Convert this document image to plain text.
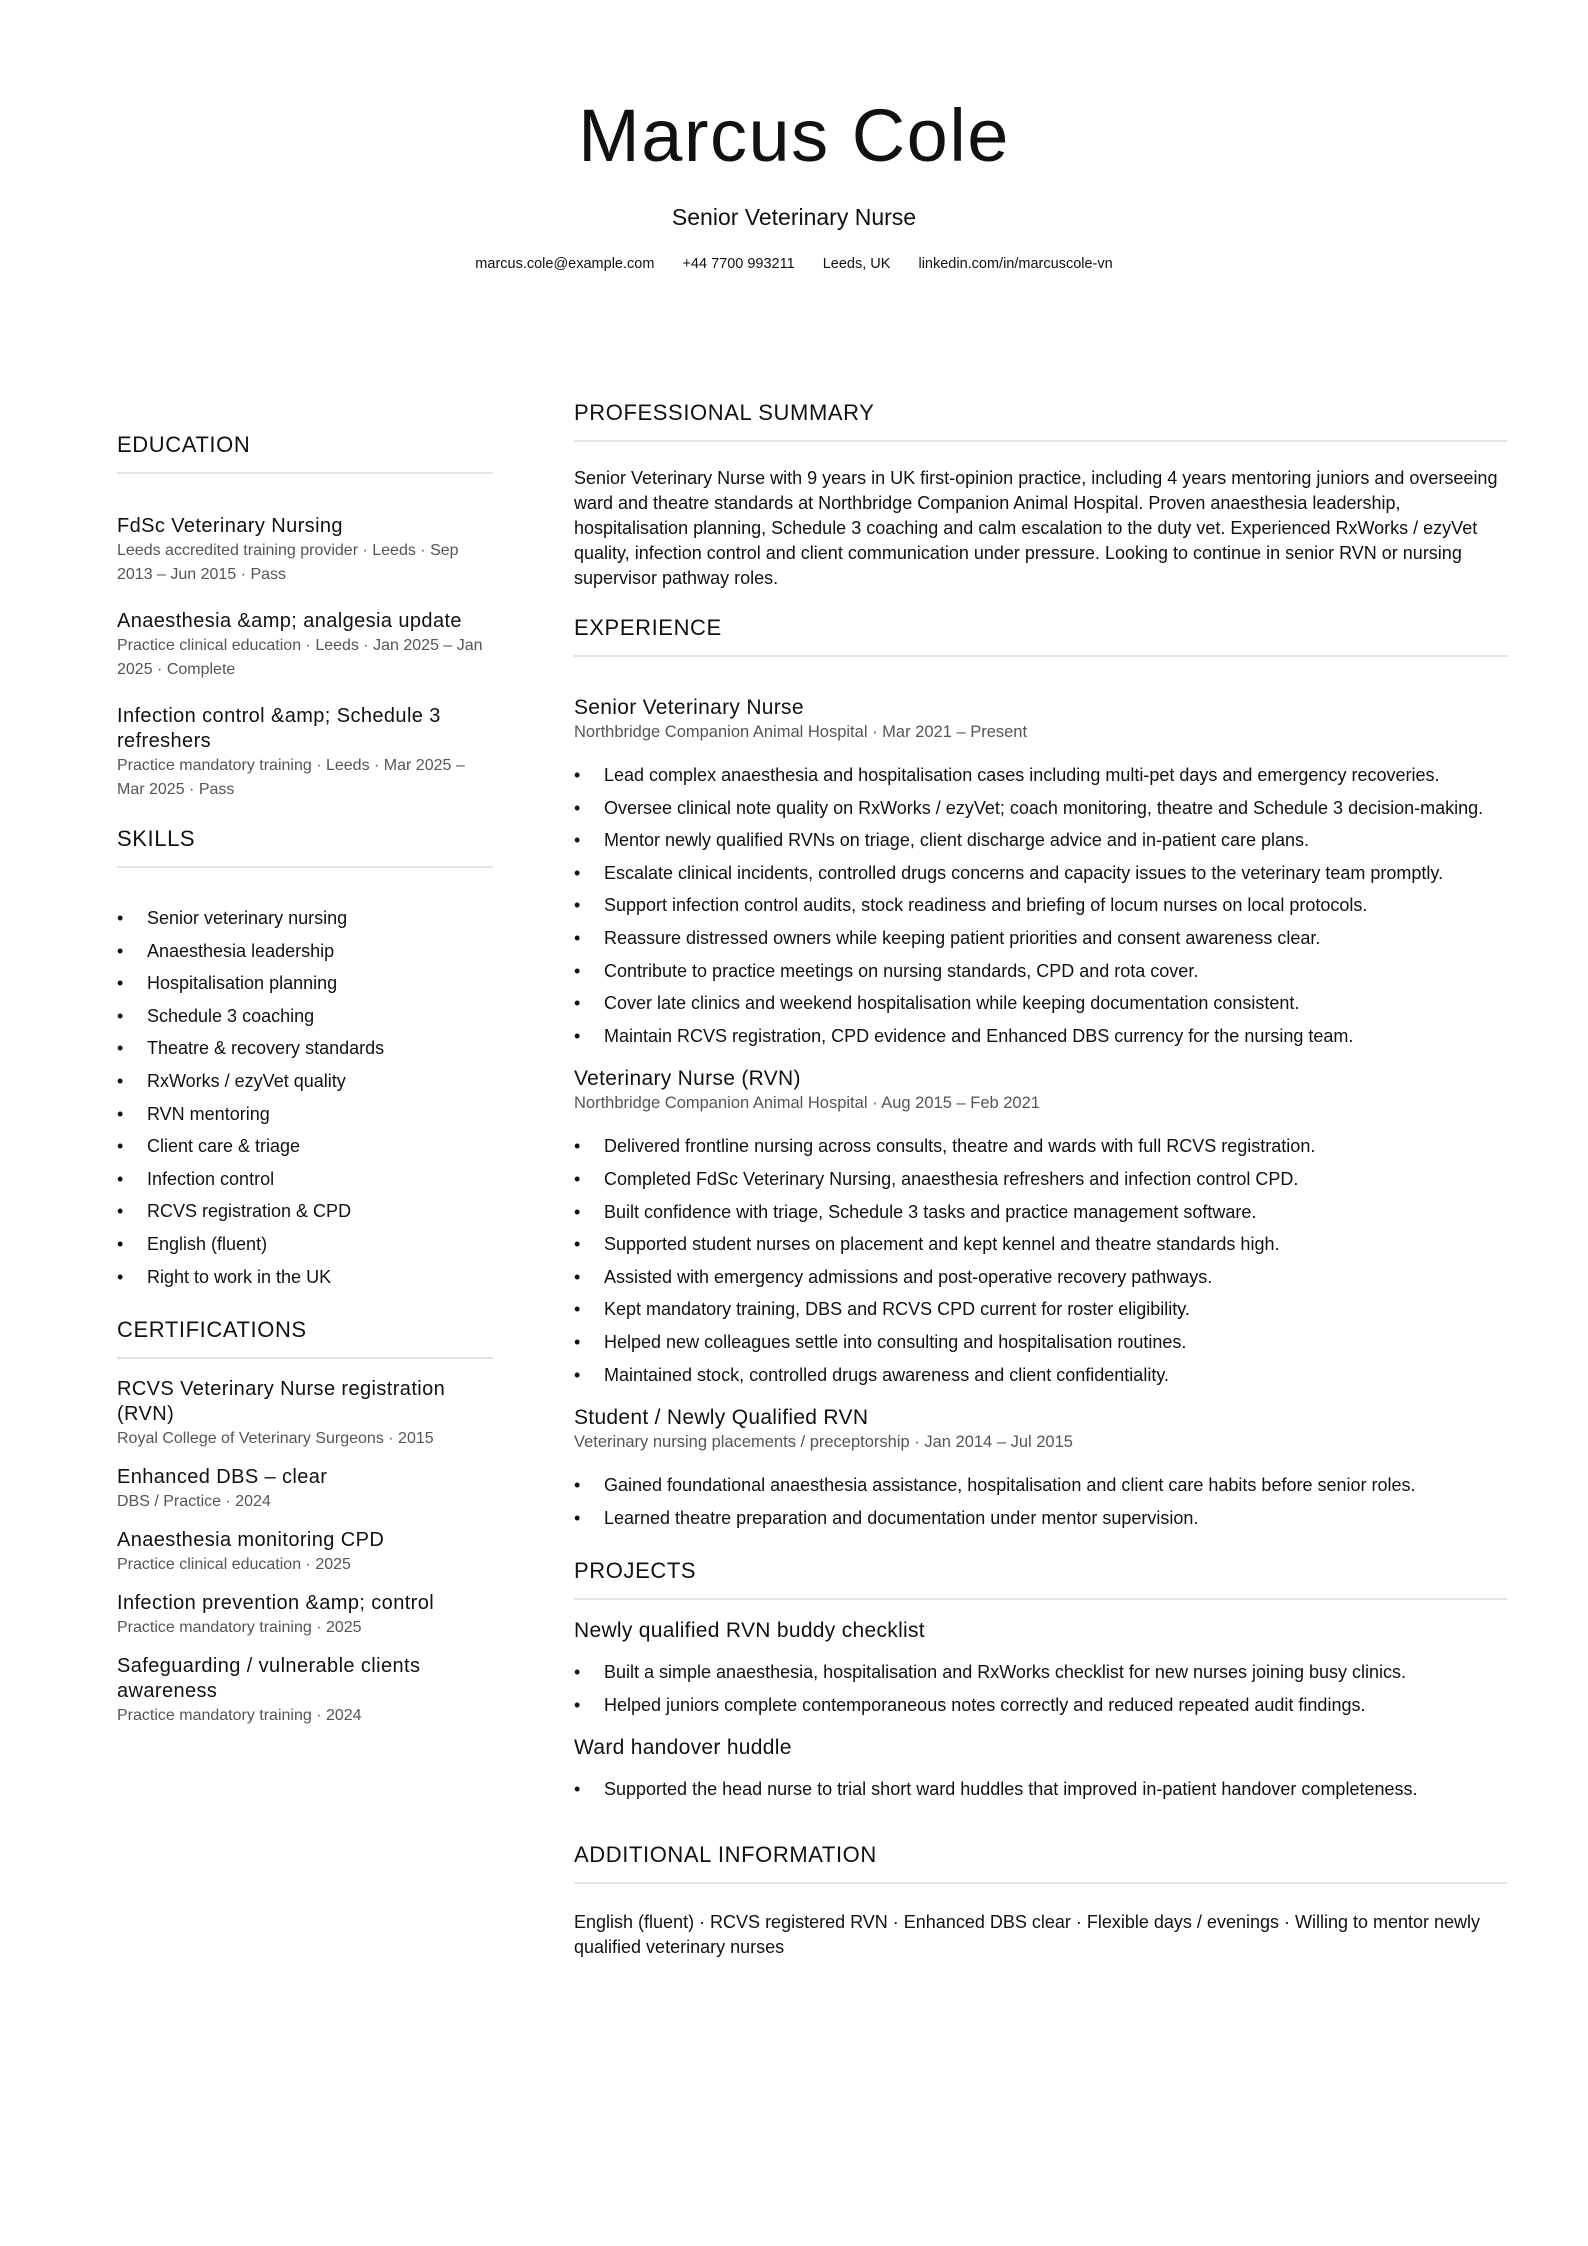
Marcus Cole
Senior Veterinary Nurse
marcus.cole@example.com +44 7700 993211 Leeds, UK linkedin.com/in/marcuscole-vn
EDUCATION
FdSc Veterinary Nursing
Leeds accredited training provider · Leeds · Sep 2013 – Jun 2015 · Pass
Anaesthesia &amp; analgesia update
Practice clinical education · Leeds · Jan 2025 – Jan 2025 · Complete
Infection control &amp; Schedule 3 refreshers
Practice mandatory training · Leeds · Mar 2025 – Mar 2025 · Pass
SKILLS
• Senior veterinary nursing
• Anaesthesia leadership
• Hospitalisation planning
• Schedule 3 coaching
• Theatre & recovery standards
• RxWorks / ezyVet quality
• RVN mentoring
• Client care & triage
• Infection control
• RCVS registration & CPD
• English (fluent)
• Right to work in the UK
CERTIFICATIONS
RCVS Veterinary Nurse registration (RVN)
Royal College of Veterinary Surgeons · 2015
Enhanced DBS – clear
DBS / Practice · 2024
Anaesthesia monitoring CPD
Practice clinical education · 2025
Infection prevention &amp; control
Practice mandatory training · 2025
Safeguarding / vulnerable clients awareness
Practice mandatory training · 2024
PROFESSIONAL SUMMARY
Senior Veterinary Nurse with 9 years in UK first-opinion practice, including 4 years mentoring juniors and overseeing ward and theatre standards at Northbridge Companion Animal Hospital. Proven anaesthesia leadership, hospitalisation planning, Schedule 3 coaching and calm escalation to the duty vet. Experienced RxWorks / ezyVet quality, infection control and client communication under pressure. Looking to continue in senior RVN or nursing supervisor pathway roles.
EXPERIENCE
Senior Veterinary Nurse
Northbridge Companion Animal Hospital · Mar 2021 – Present
• Lead complex anaesthesia and hospitalisation cases including multi-pet days and emergency recoveries.
• Oversee clinical note quality on RxWorks / ezyVet; coach monitoring, theatre and Schedule 3 decision-making.
• Mentor newly qualified RVNs on triage, client discharge advice and in-patient care plans.
• Escalate clinical incidents, controlled drugs concerns and capacity issues to the veterinary team promptly.
• Support infection control audits, stock readiness and briefing of locum nurses on local protocols.
• Reassure distressed owners while keeping patient priorities and consent awareness clear.
• Contribute to practice meetings on nursing standards, CPD and rota cover.
• Cover late clinics and weekend hospitalisation while keeping documentation consistent.
• Maintain RCVS registration, CPD evidence and Enhanced DBS currency for the nursing team.
Veterinary Nurse (RVN)
Northbridge Companion Animal Hospital · Aug 2015 – Feb 2021
• Delivered frontline nursing across consults, theatre and wards with full RCVS registration.
• Completed FdSc Veterinary Nursing, anaesthesia refreshers and infection control CPD.
• Built confidence with triage, Schedule 3 tasks and practice management software.
• Supported student nurses on placement and kept kennel and theatre standards high.
• Assisted with emergency admissions and post-operative recovery pathways.
• Kept mandatory training, DBS and RCVS CPD current for roster eligibility.
• Helped new colleagues settle into consulting and hospitalisation routines.
• Maintained stock, controlled drugs awareness and client confidentiality.
Student / Newly Qualified RVN
Veterinary nursing placements / preceptorship · Jan 2014 – Jul 2015
• Gained foundational anaesthesia assistance, hospitalisation and client care habits before senior roles.
• Learned theatre preparation and documentation under mentor supervision.
PROJECTS
Newly qualified RVN buddy checklist
• Built a simple anaesthesia, hospitalisation and RxWorks checklist for new nurses joining busy clinics.
• Helped juniors complete contemporaneous notes correctly and reduced repeated audit findings.
Ward handover huddle
• Supported the head nurse to trial short ward huddles that improved in-patient handover completeness.
ADDITIONAL INFORMATION
English (fluent) · RCVS registered RVN · Enhanced DBS clear · Flexible days / evenings · Willing to mentor newly qualified veterinary nurses
